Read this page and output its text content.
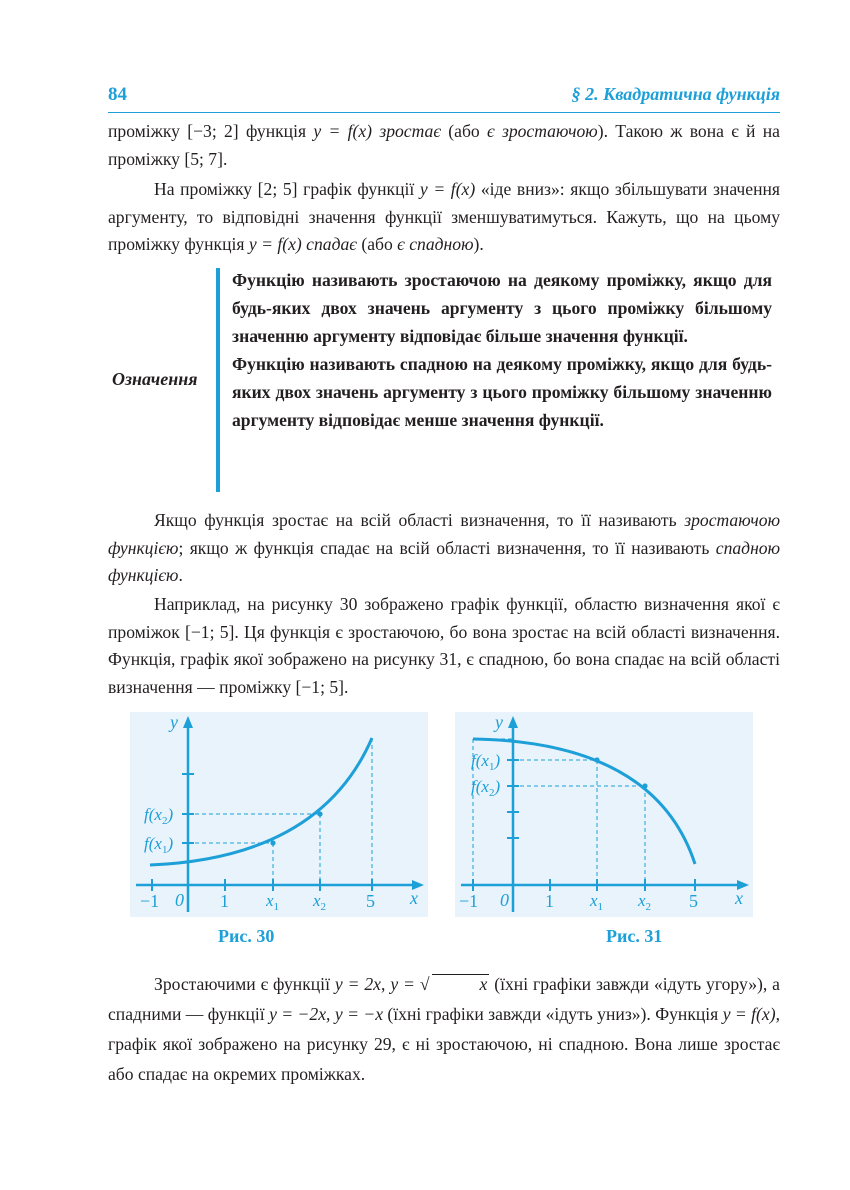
84	§ 2. Квадратична функція

проміжку [−3; 2] функція y = f(x) зростає (або є зростаючою). Такою ж вона є й на проміжку [5; 7].

На проміжку [2; 5] графік функції y = f(x) «іде вниз»: якщо збільшувати значення аргументу, то відповідні значення функції зменшуватимуться. Кажуть, що на цьому проміжку функція y = f(x) спадає (або є спадною).

Означення

Функцію називають зростаючою на деякому проміжку, якщо для будь-яких двох значень аргументу з цього проміжку більшому значенню аргументу відповідає більше значення функції.

Функцію називають спадною на деякому проміжку, якщо для будь-яких двох значень аргументу з цього проміжку більшому значенню аргументу відповідає менше значення функції.

Якщо функція зростає на всій області визначення, то її називають зростаючою функцією; якщо ж функція спадає на всій області визначення, то її називають спадною функцією.

Наприклад, на рисунку 30 зображено графік функції, областю визначення якої є проміжок [−1; 5]. Ця функція є зростаючою, бо вона зростає на всій області визначення. Функція, графік якої зображено на рисунку 31, є спадною, бо вона спадає на всій області визначення — проміжку [−1; 5].

y
x
−1 0 1	5
$x_1$ $x_2$
$f(x_2)$
$f(x_1)$
Рис. 30
y
x
−1 0 1	5
$x_1$ $x_2$
$f(x_1)$
$f(x_2)$
Рис. 31

Зростаючими є функції y = 2x, y = √	x (їхні графіки завжди «ідуть угору»), а спадними — функції y = −2x, y = −x (їхні графіки завжди «ідуть униз»). Функція y = f(x), графік якої зображено на рисунку 29, є ні зростаючою, ні спадною. Вона лише зростає або спадає на окремих проміжках.
